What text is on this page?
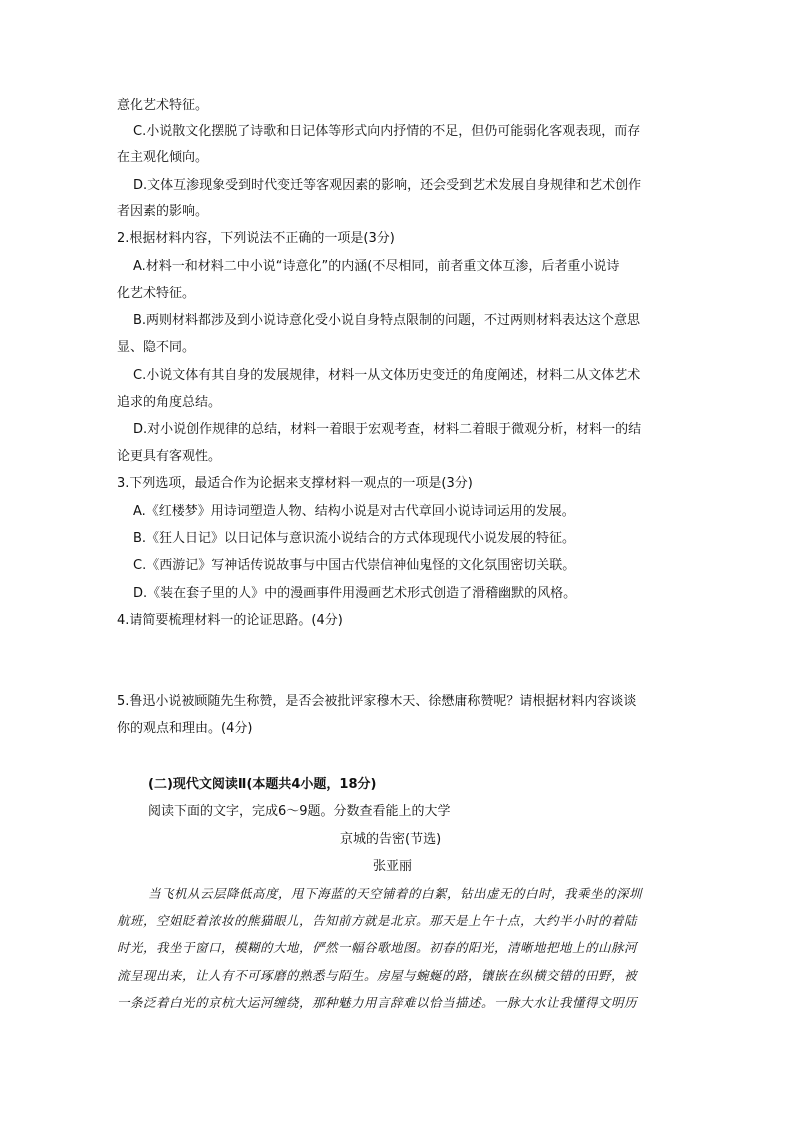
意化艺术特征。
C.小说散文化摆脱了诗歌和日记体等形式向内抒情的不足，但仍可能弱化客观表现，而存
在主观化倾向。
D.文体互渗现象受到时代变迁等客观因素的影响，还会受到艺术发展自身规律和艺术创作
者因素的影响。
2.根据材料内容，下列说法不正确的一项是(3分)
A.材料一和材料二中小说“诗意化”的内涵(不尽相同，前者重文体互渗，后者重小说诗
化艺术特征。
B.两则材料都涉及到小说诗意化受小说自身特点限制的问题，不过两则材料表达这个意思
显、隐不同。
C.小说文体有其自身的发展规律，材料一从文体历史变迁的角度阐述，材料二从文体艺术
追求的角度总结。
D.对小说创作规律的总结，材料一着眼于宏观考查，材料二着眼于微观分析，材料一的结
论更具有客观性。
3.下列选项，最适合作为论据来支撑材料一观点的一项是(3分)
A.《红楼梦》用诗词塑造人物、结构小说是对古代章回小说诗词运用的发展。
B.《狂人日记》以日记体与意识流小说结合的方式体现现代小说发展的特征。
C.《西游记》写神话传说故事与中国古代崇信神仙鬼怪的文化氛围密切关联。
D.《装在套子里的人》中的漫画事件用漫画艺术形式创造了滑稽幽默的风格。
4.请简要梳理材料一的论证思路。(4分)
5.鲁迅小说被顾随先生称赞，是否会被批评家穆木天、徐懋庸称赞呢？请根据材料内容谈谈
你的观点和理由。(4分)
(二)现代文阅读Ⅱ(本题共4小题，18分)
阅读下面的文字，完成6～9题。分数查看能上的大学
京城的告密(节选)
张亚丽
当飞机从云层降低高度，甩下海蓝的天空铺着的白絮，钻出虚无的白时，我乘坐的深圳
航班，空姐眨着浓妆的熊猫眼儿，告知前方就是北京。那天是上午十点，大约半小时的着陆
时光，我坐于窗口，模糊的大地，俨然一幅谷歌地图。初春的阳光，清晰地把地上的山脉河
流呈现出来，让人有不可琢磨的熟悉与陌生。房屋与蜿蜒的路，镶嵌在纵横交错的田野，被
一条泛着白光的京杭大运河缠绕，那种魅力用言辞难以恰当描述。一脉大水让我懂得文明历
